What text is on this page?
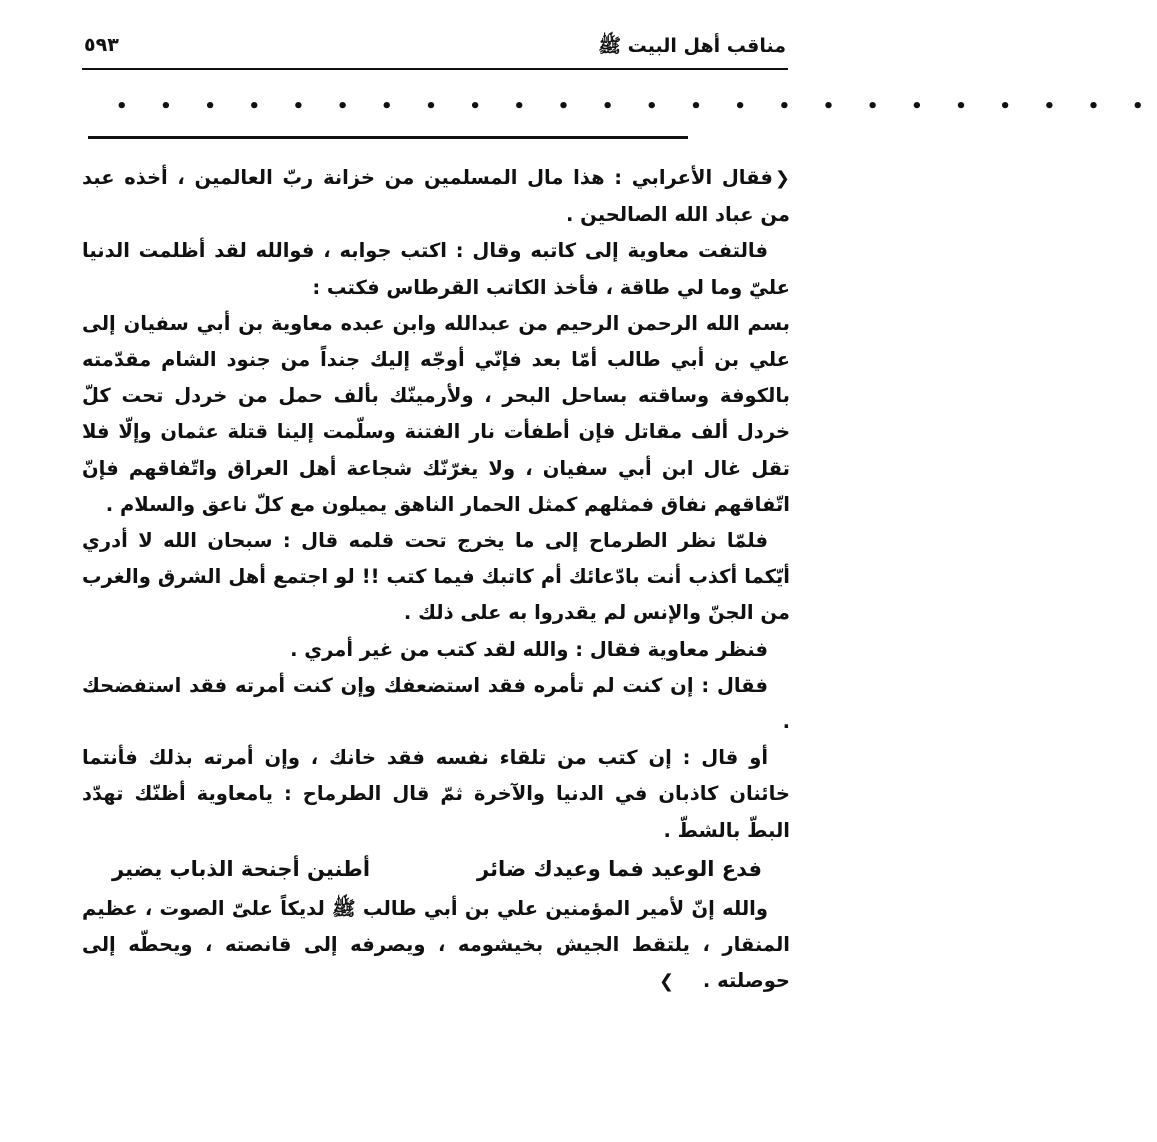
مناقب أهل البيت ﷺ
٥٩٣
• • • • • • • • • • • • • • • • • • • • • • • •

❮فقال الأعرابي : هذا مال المسلمين من خزانة ربّ العالمين ، أخذه عبد من عباد الله الصالحين .

فالتفت معاوية إلى كاتبه وقال : اكتب جوابه ، فوالله لقد أظلمت الدنيا عليّ وما لي طاقة ، فأخذ الكاتب القرطاس فكتب :

بسم الله الرحمن الرحيم من عبدالله وابن عبده معاوية بن أبي سفيان إلى علي بن أبي طالب أمّا بعد فإنّي أوجّه إليك جنداً من جنود الشام مقدّمته بالكوفة وساقته بساحل البحر ، ولأرمينّك بألف حمل من خردل تحت كلّ خردل ألف مقاتل فإن أطفأت نار الفتنة وسلّمت إلينا قتلة عثمان وإلّا فلا تقل غال ابن أبي سفيان ، ولا يغرّنّك شجاعة أهل العراق واتّفاقهم فإنّ اتّفاقهم نفاق فمثلهم كمثل الحمار الناهق يميلون مع كلّ ناعق والسلام .

فلمّا نظر الطرماح إلى ما يخرج تحت قلمه قال : سبحان الله لا أدري أيّكما أكذب أنت بادّعائك أم كاتبك فيما كتب !! لو اجتمع أهل الشرق والغرب من الجنّ والإنس لم يقدروا به على ذلك .

فنظر معاوية فقال : والله لقد كتب من غير أمري .

فقال : إن كنت لم تأمره فقد استضعفك وإن كنت أمرته فقد استفضحك .

أو قال : إن كتب من تلقاء نفسه فقد خانك ، وإن أمرته بذلك فأنتما خائنان كاذبان في الدنيا والآخرة ثمّ قال الطرماح : يامعاوية أظنّك تهدّد البطّ بالشطّ .

فدع الوعيد فما وعيدك ضائر
أطنين أجنحة الذباب يضير

والله إنّ لأمير المؤمنين علي بن أبي طالب ﷺ لديكاً علىّ الصوت ، عظيم المنقار ، يلتقط الجيش بخيشومه ، ويصرفه إلى قانصته ، ويحطّه إلى حوصلته . ❯
